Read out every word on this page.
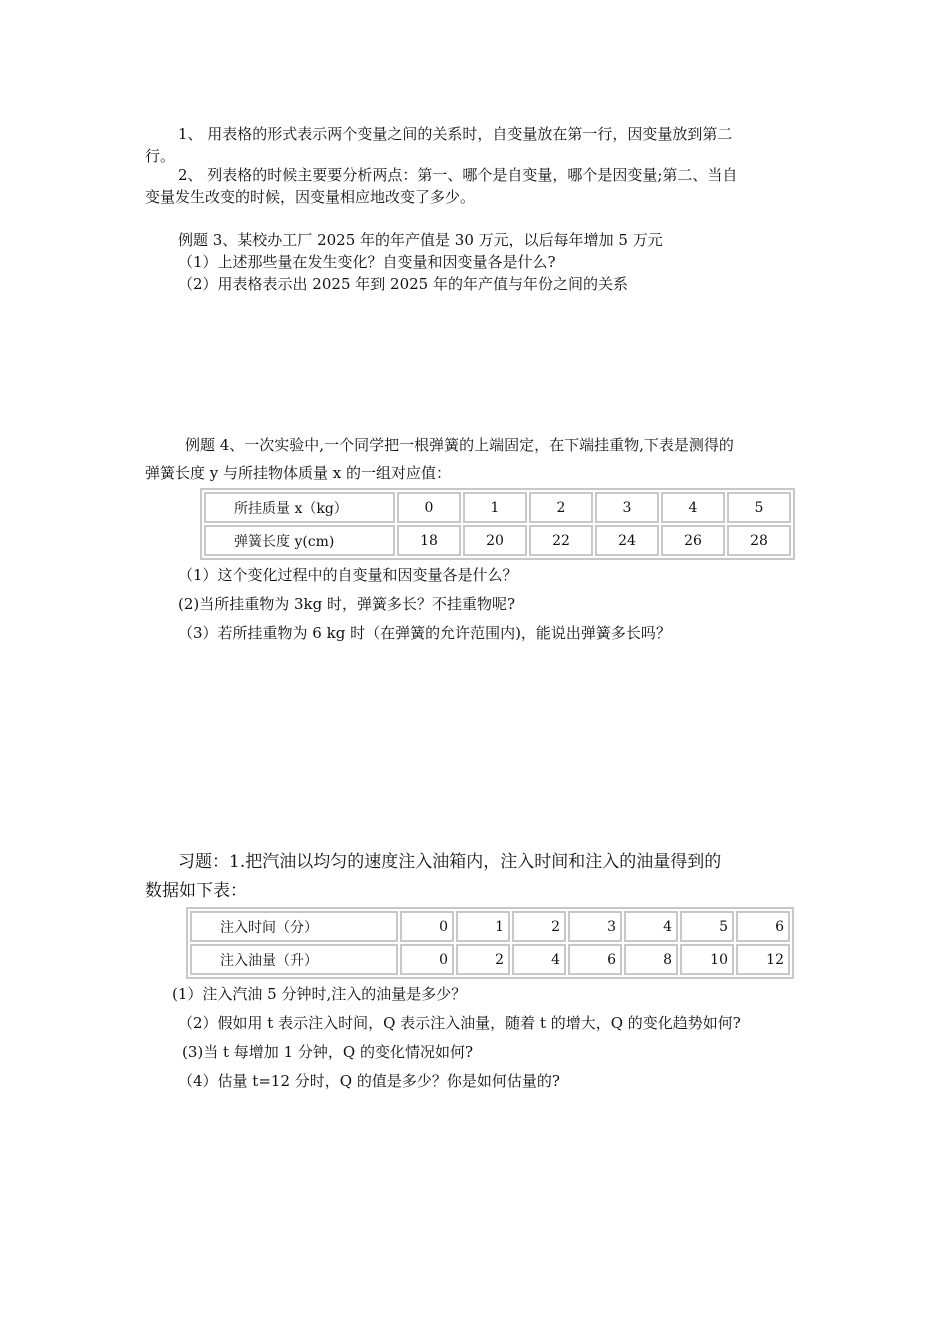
1、 用表格的形式表示两个变量之间的关系时，自变量放在第一行，因变量放到第二
行。
2、 列表格的时候主要要分析两点：第一、哪个是自变量，哪个是因变量;第二、当自
变量发生改变的时候，因变量相应地改变了多少。
例题 3、某校办工厂 2025 年的年产值是 30 万元，以后每年增加 5 万元
（1）上述那些量在发生变化？自变量和因变量各是什么?
（2）用表格表示出 2025 年到 2025 年的年产值与年份之间的关系
例题 4、一次实验中,一个同学把一根弹簧的上端固定，在下端挂重物,下表是测得的
弹簧长度 y 与所挂物体质量 x 的一组对应值：
所挂质量 x（kg）	0	1	2	3	4	5
弹簧长度 y(cm)	18	20	22	24	26	28
（1）这个变化过程中的自变量和因变量各是什么？
(2)当所挂重物为 3kg 时，弹簧多长？不挂重物呢?
（3）若所挂重物为 6 kg 时（在弹簧的允许范围内)，能说出弹簧多长吗？
习题：1.把汽油以均匀的速度注入油箱内，注入时间和注入的油量得到的
数据如下表：
注入时间（分）	0	1	2	3	4	5	6
注入油量（升）	0	2	4	6	8	10	12
(1）注入汽油 5 分钟时,注入的油量是多少？
（2）假如用 t 表示注入时间，Q 表示注入油量，随着 t 的增大，Q 的变化趋势如何?
(3)当 t 每增加 1 分钟，Q 的变化情况如何?
（4）估量 t=12 分时，Q 的值是多少？你是如何估量的?
